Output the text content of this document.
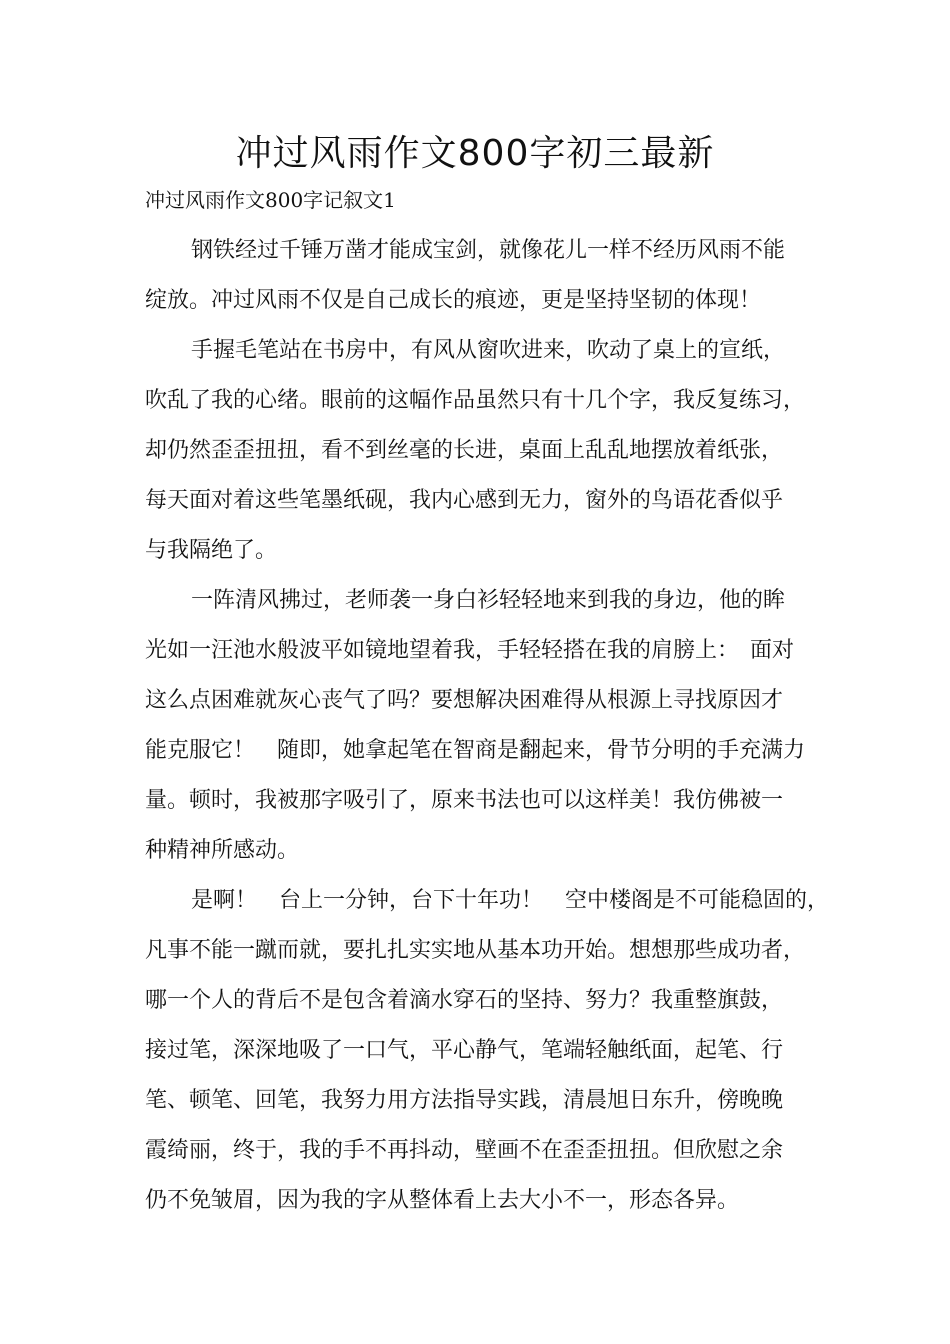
冲过风雨作文800字初三最新

冲过风雨作文800字记叙文1

钢铁经过千锤万凿才能成宝剑，就像花儿一样不经历风雨不能
绽放。冲过风雨不仅是自己成长的痕迹，更是坚持坚韧的体现！

手握毛笔站在书房中，有风从窗吹进来，吹动了桌上的宣纸，
吹乱了我的心绪。眼前的这幅作品虽然只有十几个字，我反复练习，
却仍然歪歪扭扭，看不到丝毫的长进，桌面上乱乱地摆放着纸张，
每天面对着这些笔墨纸砚，我内心感到无力，窗外的鸟语花香似乎
与我隔绝了。

一阵清风拂过，老师袭一身白衫轻轻地来到我的身边，他的眸
光如一汪池水般波平如镜地望着我，手轻轻搭在我的肩膀上：　面对
这么点困难就灰心丧气了吗？要想解决困难得从根源上寻找原因才
能克服它！　随即，她拿起笔在智商是翻起来，骨节分明的手充满力
量。顿时，我被那字吸引了，原来书法也可以这样美！我仿佛被一
种精神所感动。

是啊！　台上一分钟，台下十年功！　空中楼阁是不可能稳固的，
凡事不能一蹴而就，要扎扎实实地从基本功开始。想想那些成功者，
哪一个人的背后不是包含着滴水穿石的坚持、努力？我重整旗鼓，
接过笔，深深地吸了一口气，平心静气，笔端轻触纸面，起笔、行
笔、顿笔、回笔，我努力用方法指导实践，清晨旭日东升，傍晚晚
霞绮丽，终于，我的手不再抖动，壁画不在歪歪扭扭。但欣慰之余
仍不免皱眉，因为我的字从整体看上去大小不一，形态各异。
